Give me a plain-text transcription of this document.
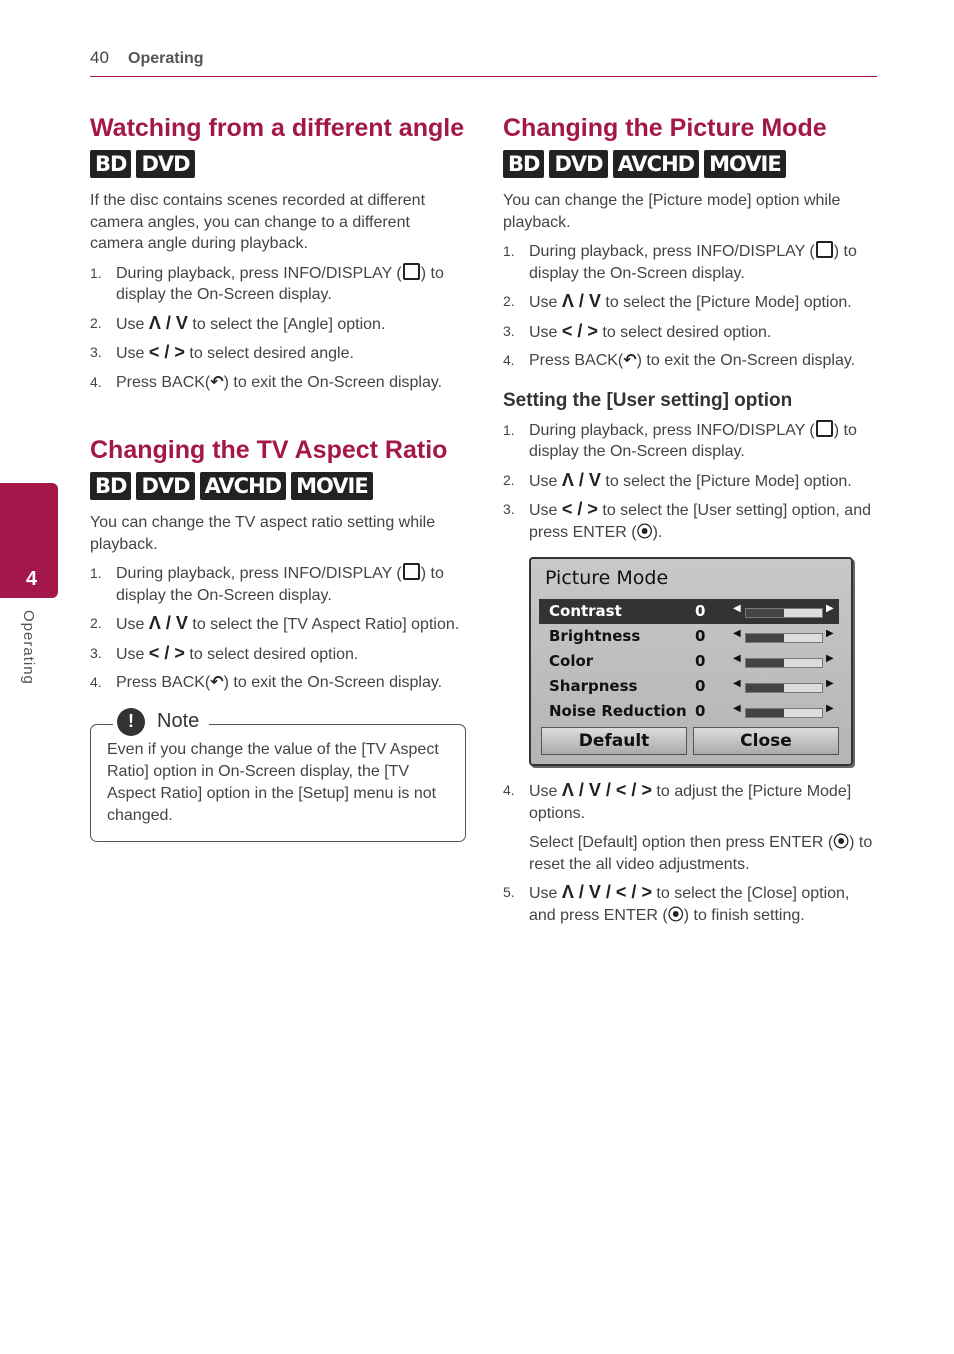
40 Operating
4
Operating
Watching from a different angle
BD DVD

If the disc contains scenes recorded at different camera angles, you can change to a different camera angle during playback.

1. During playback, press INFO/DISPLAY ( ) to display the On-Screen display.
2. Use Λ / V to select the [Angle] option.
3. Use < / > to select desired angle.
4. Press BACK(↶) to exit the On-Screen display.
Changing the TV Aspect Ratio
BD DVD AVCHD MOVIE

You can change the TV aspect ratio setting while playback.

1. During playback, press INFO/DISPLAY ( ) to display the On-Screen display.
2. Use Λ / V to select the [TV Aspect Ratio] option.
3. Use < / > to select desired option.
4. Press BACK(↶) to exit the On-Screen display.
!	Note

Even if you change the value of the [TV Aspect Ratio] option in On-Screen display, the [TV Aspect Ratio] option in the [Setup] menu is not changed.

Changing the Picture Mode
BD DVD AVCHD MOVIE

You can change the [Picture mode] option while playback.

1. During playback, press INFO/DISPLAY ( ) to display the On-Screen display.
2. Use Λ / V to select the [Picture Mode] option.
3. Use < / > to select desired option.
4. Press BACK(↶) to exit the On-Screen display.
Setting the [User setting] option
1. During playback, press INFO/DISPLAY ( ) to display the On-Screen display.
2. Use Λ / V to select the [Picture Mode] option.
3. Use < / > to select the [User setting] option, and press ENTER (⦿).
Picture Mode
Contrast	0	◀	▶
Brightness	0	◀	▶
Color	0	◀	▶
Sharpness	0	◀	▶
Noise Reduction 0	◀	▶
Default	Close
4. Use Λ / V / < / > to adjust the [Picture Mode] options.
Select [Default] option then press ENTER (⦿) to reset the all video adjustments.
5. Use Λ / V / < / > to select the [Close] option, and press ENTER (⦿) to finish setting.
